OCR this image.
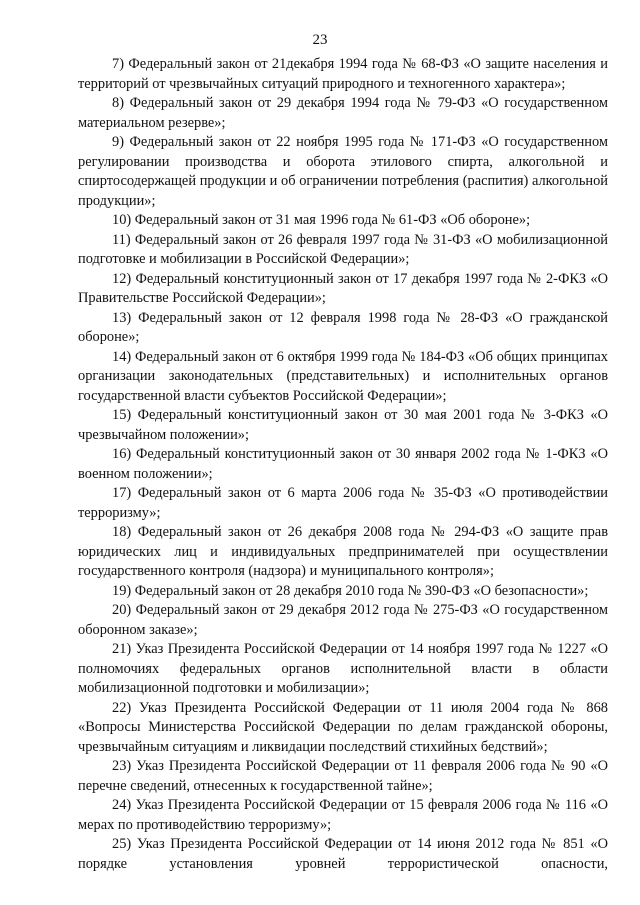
23

7) Федеральный закон от 21декабря 1994 года № 68-ФЗ «О защите населения и территорий от чрезвычайных ситуаций природного и техногенного характера»;

8) Федеральный закон от 29 декабря 1994 года № 79-ФЗ «О государственном материальном резерве»;

9) Федеральный закон от 22 ноября 1995 года № 171-ФЗ «О государственном регулировании производства и оборота этилового спирта, алкогольной и спиртосодержащей продукции и об ограничении потребления (распития) алкогольной продукции»;

10) Федеральный закон от 31 мая 1996 года № 61-ФЗ «Об обороне»;

11) Федеральный закон от 26 февраля 1997 года № 31-ФЗ «О мобилизационной подготовке и мобилизации в Российской Федерации»;

12) Федеральный конституционный закон от 17 декабря 1997 года № 2-ФКЗ «О Правительстве Российской Федерации»;

13) Федеральный закон от 12 февраля 1998 года № 28-ФЗ «О гражданской обороне»;

14) Федеральный закон от 6 октября 1999 года № 184-ФЗ «Об общих принципах организации законодательных (представительных) и исполнительных органов государственной власти субъектов Российской Федерации»;

15) Федеральный конституционный закон от 30 мая 2001 года № 3-ФКЗ «О чрезвычайном положении»;

16) Федеральный конституционный закон от 30 января 2002 года № 1-ФКЗ «О военном положении»;

17) Федеральный закон от 6 марта 2006 года № 35-ФЗ «О противодействии терроризму»;

18) Федеральный закон от 26 декабря 2008 года № 294-ФЗ «О защите прав юридических лиц и индивидуальных предпринимателей при осуществлении государственного контроля (надзора) и муниципального контроля»;

19) Федеральный закон от 28 декабря 2010 года № 390-ФЗ «О безопасности»;

20) Федеральный закон от 29 декабря 2012 года № 275-ФЗ «О государственном оборонном заказе»;

21) Указ Президента Российской Федерации от 14 ноября 1997 года № 1227 «О полномочиях федеральных органов исполнительной власти в области мобилизационной подготовки и мобилизации»;

22) Указ Президента Российской Федерации от 11 июля 2004 года № 868 «Вопросы Министерства Российской Федерации по делам гражданской обороны, чрезвычайным ситуациям и ликвидации последствий стихийных бедствий»;

23) Указ Президента Российской Федерации от 11 февраля 2006 года № 90 «О перечне сведений, отнесенных к государственной тайне»;

24) Указ Президента Российской Федерации от 15 февраля 2006 года № 116 «О мерах по противодействию терроризму»;

25) Указ Президента Российской Федерации от 14 июня 2012 года № 851 «О порядке установления уровней террористической опасности,
